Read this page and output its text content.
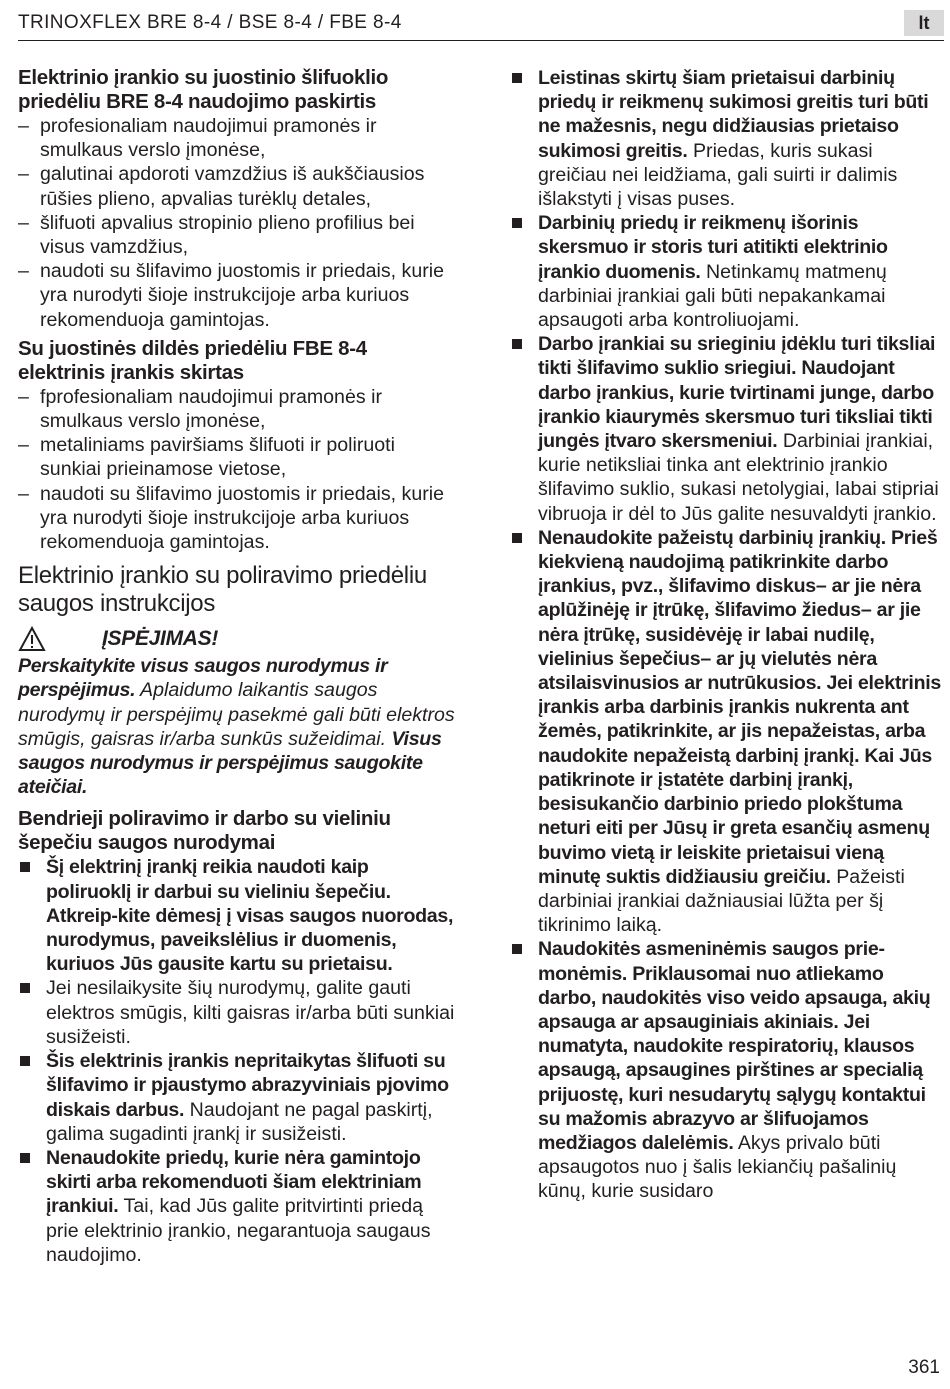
TRINOXFLEX BRE 8-4 / BSE 8-4 / FBE 8-4	lt
Elektrinio įrankio su juostinio šlifuoklio priedėliu BRE 8-4 naudojimo paskirtis

– profesionaliam naudojimui pramonės ir smulkaus verslo įmonėse,

– galutinai apdoroti vamzdžius iš aukščiausios rūšies plieno, apvalias turėklų detales,

– šlifuoti apvalius stropinio plieno profilius bei visus vamzdžius,

– naudoti su šlifavimo juostomis ir priedais, kurie yra nurodyti šioje instrukcijoje arba kuriuos rekomenduoja gamintojas.

Su juostinės dildės priedėliu FBE 8-4 elektrinis įrankis skirtas

– fprofesionaliam naudojimui pramonės ir smulkaus verslo įmonėse,

– metaliniams paviršiams šlifuoti ir poliruoti sunkiai prieinamose vietose,

– naudoti su šlifavimo juostomis ir priedais, kurie yra nurodyti šioje instrukcijoje arba kuriuos rekomenduoja gamintojas.

Elektrinio įrankio su poliravimo priedėliu saugos instrukcijos
ĮSPĖJIMAS!

Perskaitykite visus saugos nurodymus ir perspėjimus. Aplaidumo laikantis saugos nurodymų ir perspėjimų pasekmė gali būti elektros smūgis, gaisras ir/arba sunkūs sužeidimai. Visus saugos nurodymus ir perspėjimus saugokite ateičiai.

Bendrieji poliravimo ir darbo su vieliniu šepečiu saugos nurodymai

Šį elektrinį įrankį reikia naudoti kaip poliruoklį ir darbui su vieliniu šepečiu. Atkreip-kite dėmesį į visas saugos nuorodas, nurodymus, paveikslėlius ir duomenis, kuriuos Jūs gausite kartu su prietaisu.

Jei nesilaikysite šių nurodymų, galite gauti elektros smūgis, kilti gaisras ir/arba būti sunkiai susižeisti.

Šis elektrinis įrankis nepritaikytas šlifuoti su šlifavimo ir pjaustymo abrazyviniais pjovimo diskais darbus. Naudojant ne pagal paskirtį, galima sugadinti įrankį ir susižeisti.

Nenaudokite priedų, kurie nėra gamintojo skirti arba rekomenduoti šiam elektriniam įrankiui. Tai, kad Jūs galite pritvirtinti priedą prie elektrinio įrankio, negarantuoja saugaus naudojimo.

Leistinas skirtų šiam prietaisui darbinių priedų ir reikmenų sukimosi greitis turi būti ne mažesnis, negu didžiausias prietaiso sukimosi greitis. Priedas, kuris sukasi greičiau nei leidžiama, gali suirti ir dalimis išlakstyti į visas puses.

Darbinių priedų ir reikmenų išorinis skersmuo ir storis turi atitikti elektrinio įrankio duomenis. Netinkamų matmenų darbiniai įrankiai gali būti nepakankamai apsaugoti arba kontroliuojami.

Darbo įrankiai su srieginiu įdėklu turi tiksliai tikti šlifavimo suklio sriegiui. Naudojant darbo įrankius, kurie tvirtinami junge, darbo įrankio kiaurymės skersmuo turi tiksliai tikti jungės įtvaro skersmeniui. Darbiniai įrankiai, kurie netiksliai tinka ant elektrinio įrankio šlifavimo suklio, sukasi netolygiai, labai stipriai vibruoja ir dėl to Jūs galite nesuvaldyti įrankio.

Nenaudokite pažeistų darbinių įrankių. Prieš kiekvieną naudojimą patikrinkite darbo įrankius, pvz., šlifavimo diskus– ar jie nėra aplūžinėję ir įtrūkę, šlifavimo žiedus– ar jie nėra įtrūkę, susidėvėję ir labai nudilę, vielinius šepečius– ar jų vielutės nėra atsilaisvinusios ar nutrūkusios. Jei elektrinis įrankis arba darbinis įrankis nukrenta ant žemės, patikrinkite, ar jis nepažeistas, arba naudokite nepažeistą darbinį įrankį. Kai Jūs patikrinote ir įstatėte darbinį įrankį, besisukančio darbinio priedo plokštuma neturi eiti per Jūsų ir greta esančių asmenų buvimo vietą ir leiskite prietaisui vieną minutę suktis didžiausiu greičiu. Pažeisti darbiniai įrankiai dažniausiai lūžta per šį tikrinimo laiką.

Naudokitės asmeninėmis saugos priemonėmis. Priklausomai nuo atliekamo darbo, naudokitės viso veido apsauga, akių apsauga ar apsauginiais akiniais. Jei numatyta, naudokite respiratorių, klausos apsaugą, apsaugines pirštines ar specialią prijuostę, kuri nesudarytų sąlygų kontaktui su mažomis abrazyvo ar šlifuojamos medžiagos dalelėmis. Akys privalo būti apsaugotos nuo į šalis lekiančių pašalinių kūnų, kurie susidaro

361
